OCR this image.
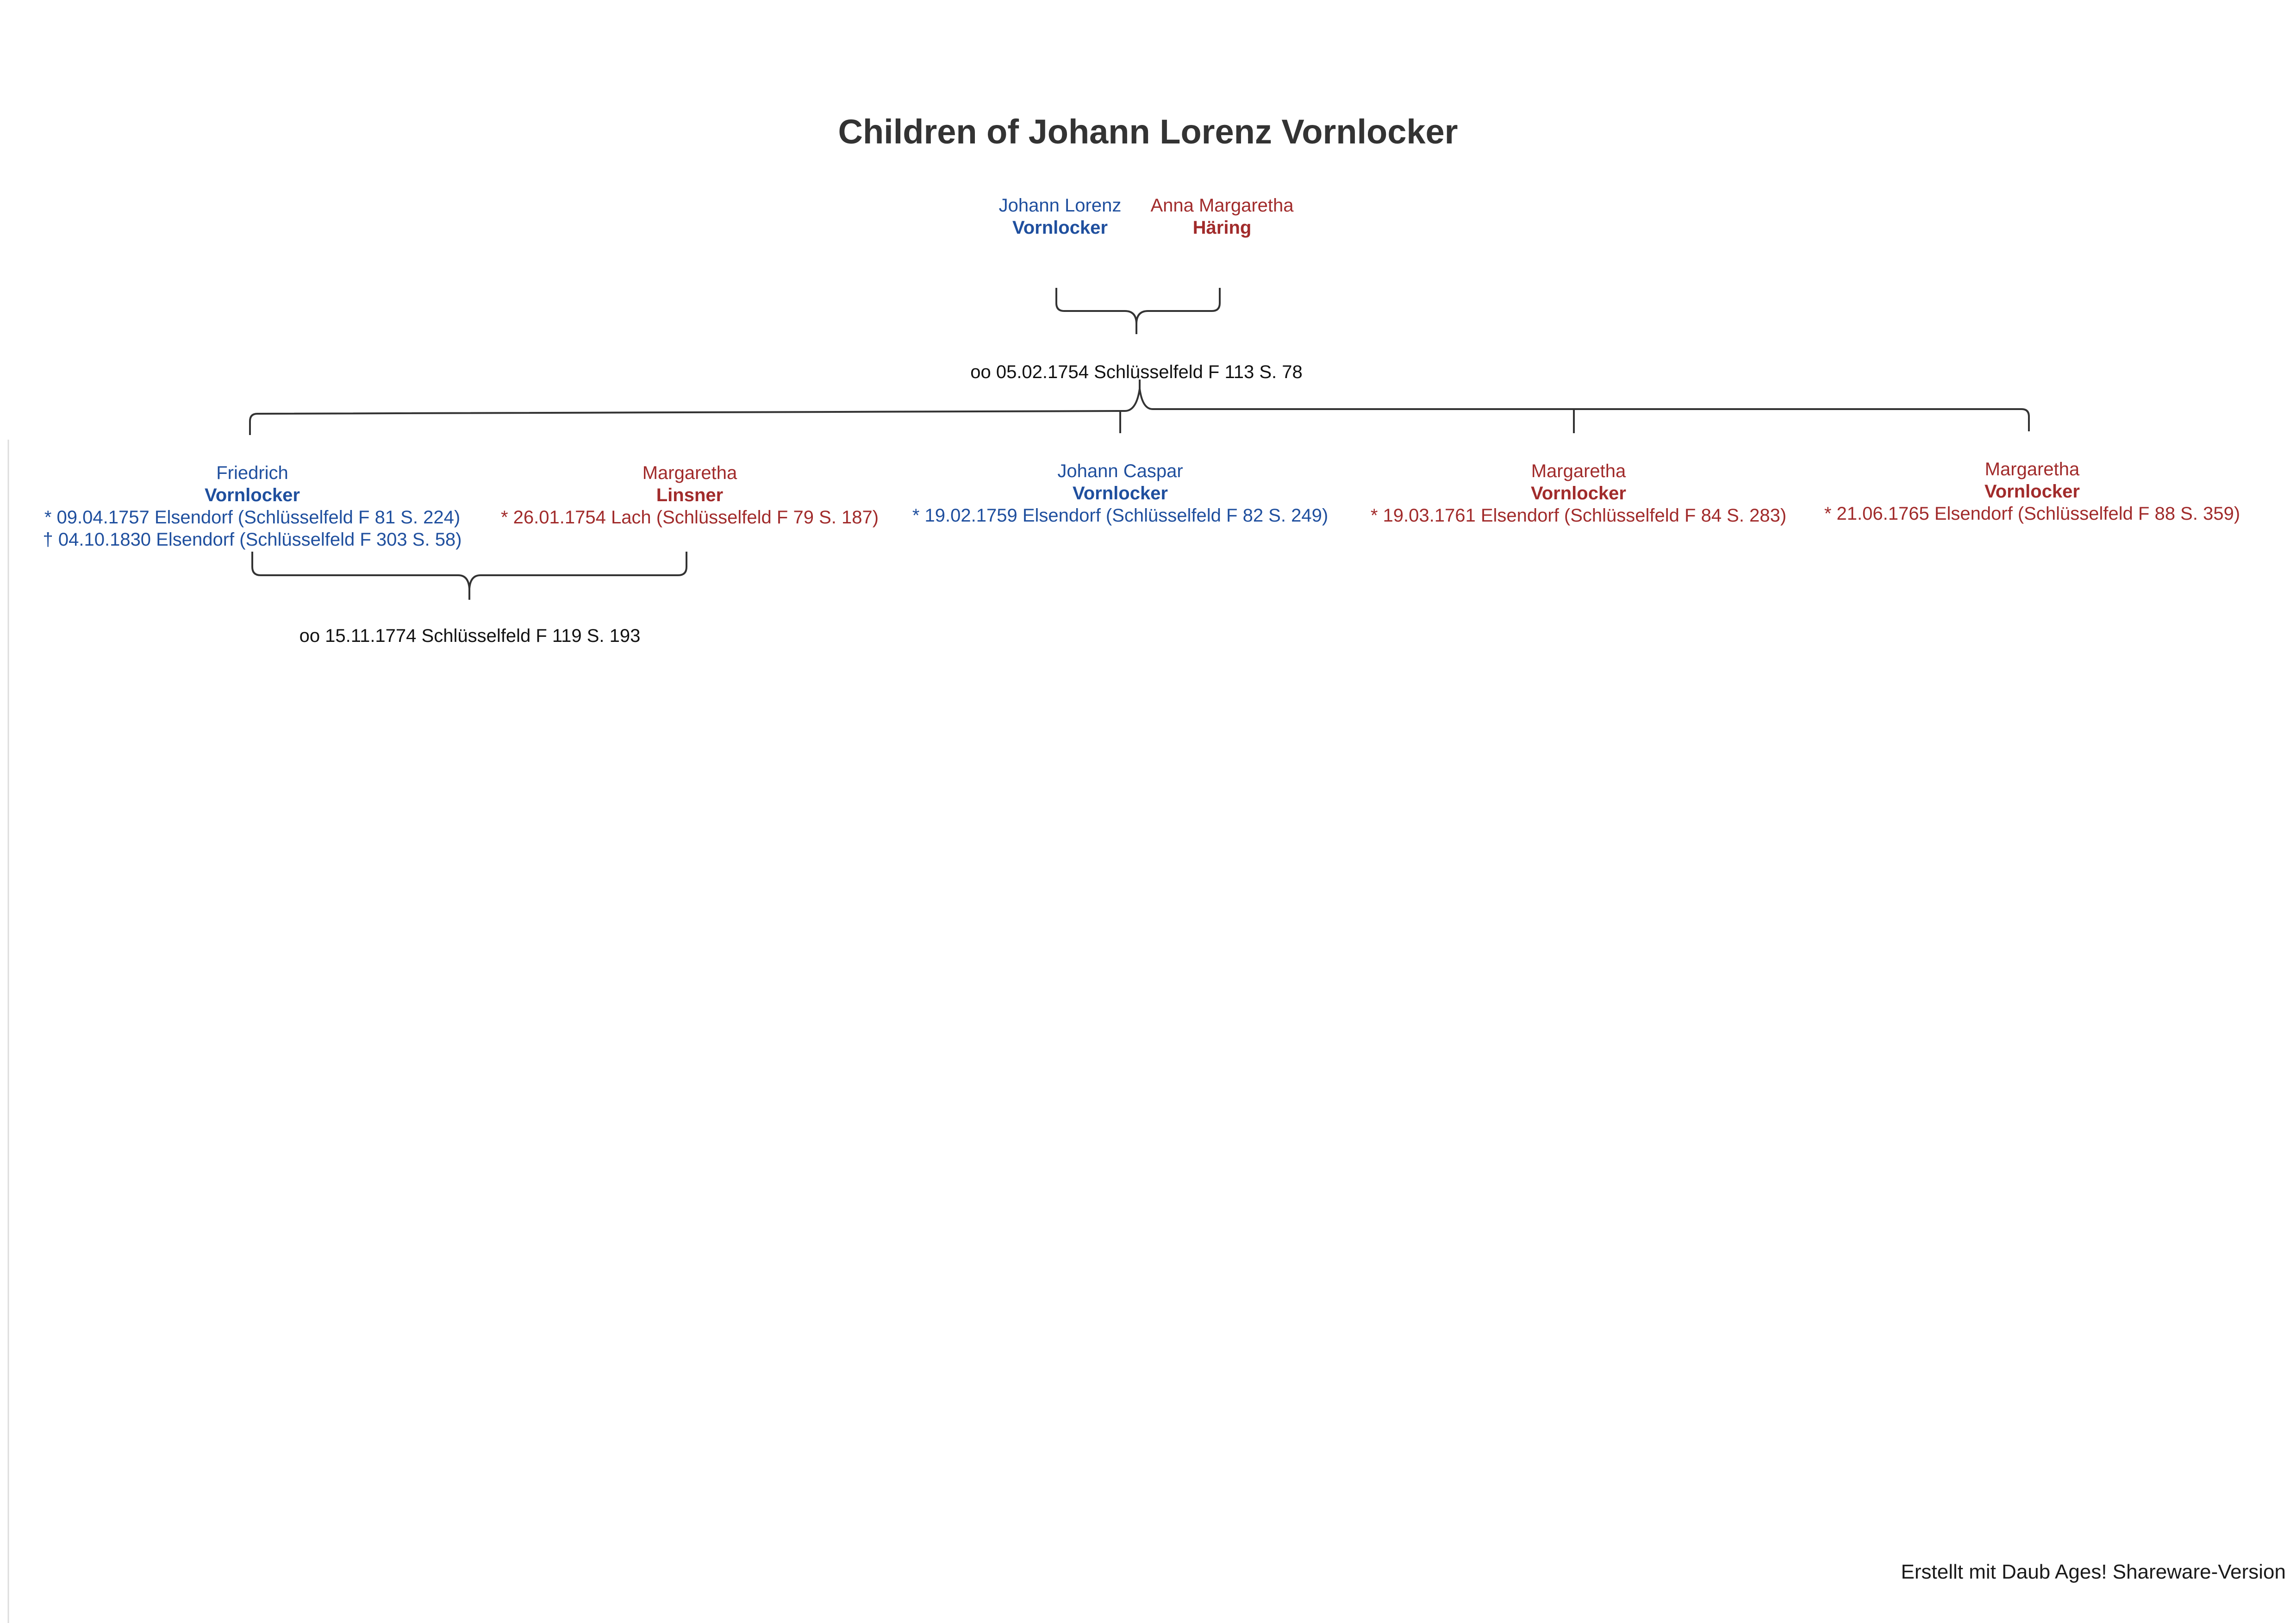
Children of Johann Lorenz Vornlocker
Johann Lorenz
Vornlocker
Anna Margaretha
Häring
oo 05.02.1754 Schlüsselfeld F 113 S. 78
Friedrich
Vornlocker
* 09.04.1757 Elsendorf (Schlüsselfeld F 81 S. 224)
† 04.10.1830 Elsendorf (Schlüsselfeld F 303 S. 58)
Margaretha
Linsner
* 26.01.1754 Lach (Schlüsselfeld F 79 S. 187)
Johann Caspar
Vornlocker
* 19.02.1759 Elsendorf (Schlüsselfeld F 82 S. 249)
Margaretha
Vornlocker
* 19.03.1761 Elsendorf (Schlüsselfeld F 84 S. 283)
Margaretha
Vornlocker
* 21.06.1765 Elsendorf (Schlüsselfeld F 88 S. 359)
oo 15.11.1774 Schlüsselfeld F 119 S. 193
Erstellt mit Daub Ages! Shareware-Version
